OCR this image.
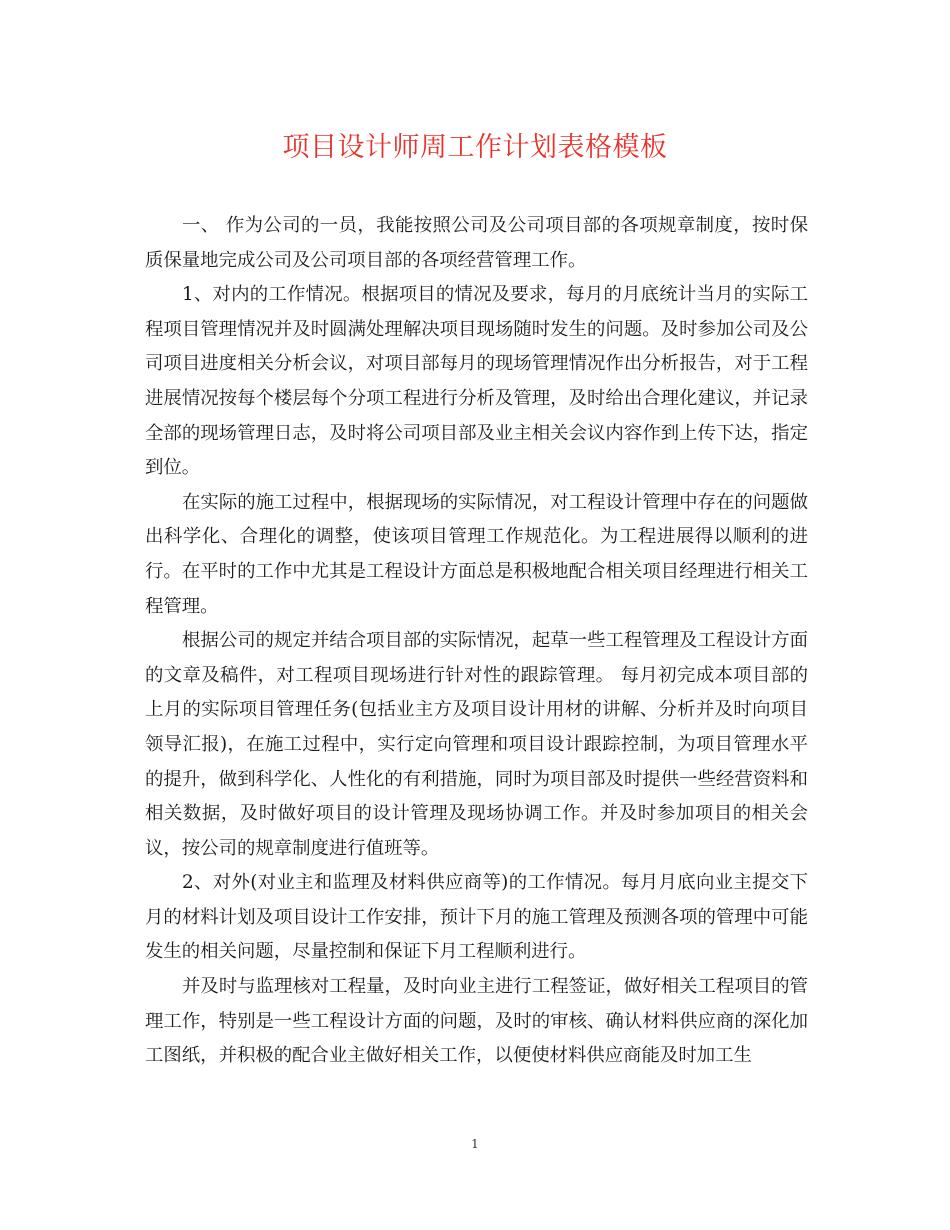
项目设计师周工作计划表格模板

一、 作为公司的一员，我能按照公司及公司项目部的各项规章制度，按时保质保量地完成公司及公司项目部的各项经营管理工作。

1、对内的工作情况。根据项目的情况及要求，每月的月底统计当月的实际工程项目管理情况并及时圆满处理解决项目现场随时发生的问题。及时参加公司及公司项目进度相关分析会议，对项目部每月的现场管理情况作出分析报告，对于工程进展情况按每个楼层每个分项工程进行分析及管理，及时给出合理化建议，并记录全部的现场管理日志，及时将公司项目部及业主相关会议内容作到上传下达，指定到位。

在实际的施工过程中，根据现场的实际情况，对工程设计管理中存在的问题做出科学化、合理化的调整，使该项目管理工作规范化。为工程进展得以顺利的进行。在平时的工作中尤其是工程设计方面总是积极地配合相关项目经理进行相关工程管理。

根据公司的规定并结合项目部的实际情况，起草一些工程管理及工程设计方面的文章及稿件，对工程项目现场进行针对性的跟踪管理。 每月初完成本项目部的上月的实际项目管理任务(包括业主方及项目设计用材的讲解、分析并及时向项目领导汇报)，在施工过程中，实行定向管理和项目设计跟踪控制，为项目管理水平的提升，做到科学化、人性化的有利措施，同时为项目部及时提供一些经营资料和相关数据，及时做好项目的设计管理及现场协调工作。并及时参加项目的相关会议，按公司的规章制度进行值班等。

2、对外(对业主和监理及材料供应商等)的工作情况。每月月底向业主提交下月的材料计划及项目设计工作安排，预计下月的施工管理及预测各项的管理中可能发生的相关问题，尽量控制和保证下月工程顺利进行。

并及时与监理核对工程量，及时向业主进行工程签证，做好相关工程项目的管理工作，特别是一些工程设计方面的问题，及时的审核、确认材料供应商的深化加工图纸，并积极的配合业主做好相关工作，以便使材料供应商能及时加工生

1
